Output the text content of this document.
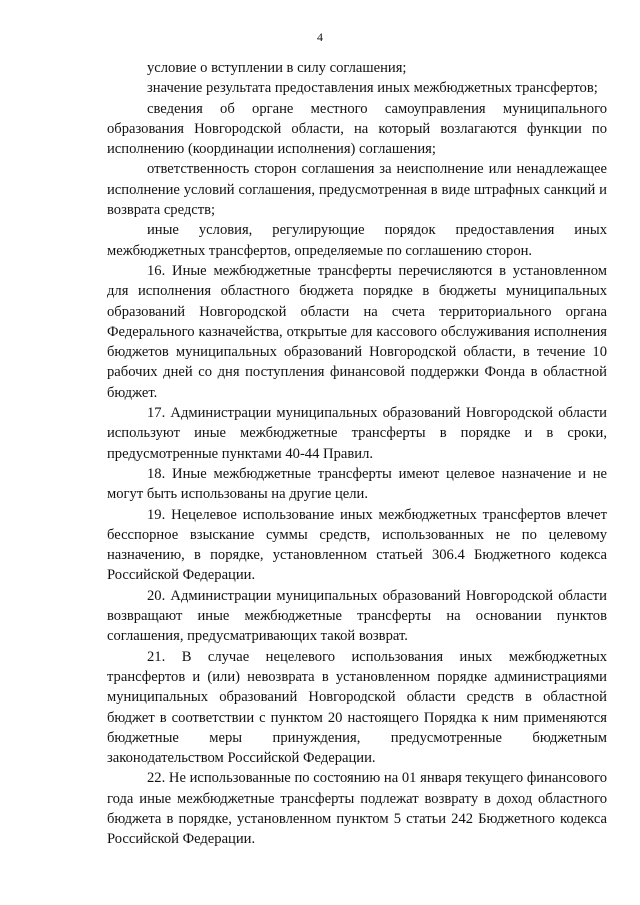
4

условие о вступлении в силу соглашения;

значение результата предоставления иных межбюджетных трансфертов;

сведения об органе местного самоуправления муниципального образования Новгородской области, на который возлагаются функции по исполнению (координации исполнения) соглашения;

ответственность сторон соглашения за неисполнение или ненадлежащее исполнение условий соглашения, предусмотренная в виде штрафных санкций и возврата средств;

иные условия, регулирующие порядок предоставления иных межбюджетных трансфертов, определяемые по соглашению сторон.

16. Иные межбюджетные трансферты перечисляются в установленном для исполнения областного бюджета порядке в бюджеты муниципальных образований Новгородской области на счета территориального органа Федерального казначейства, открытые для кассового обслуживания исполнения бюджетов муниципальных образований Новгородской области, в течение 10 рабочих дней со дня поступления финансовой поддержки Фонда в областной бюджет.

17. Администрации муниципальных образований Новгородской области используют иные межбюджетные трансферты в порядке и в сроки, предусмотренные пунктами 40-44 Правил.

18. Иные межбюджетные трансферты имеют целевое назначение и не могут быть использованы на другие цели.

19. Нецелевое использование иных межбюджетных трансфертов влечет бесспорное взыскание суммы средств, использованных не по целевому назначению, в порядке, установленном статьей 306.4 Бюджетного кодекса Российской Федерации.

20. Администрации муниципальных образований Новгородской области возвращают иные межбюджетные трансферты на основании пунктов соглашения, предусматривающих такой возврат.

21. В случае нецелевого использования иных межбюджетных трансфертов и (или) невозврата в установленном порядке администрациями муниципальных образований Новгородской области средств в областной бюджет в соответствии с пунктом 20 настоящего Порядка к ним применяются бюджетные меры принуждения, предусмотренные бюджетным законодательством Российской Федерации.

22. Не использованные по состоянию на 01 января текущего финансового года иные межбюджетные трансферты подлежат возврату в доход областного бюджета в порядке, установленном пунктом 5 статьи 242 Бюджетного кодекса Российской Федерации.
